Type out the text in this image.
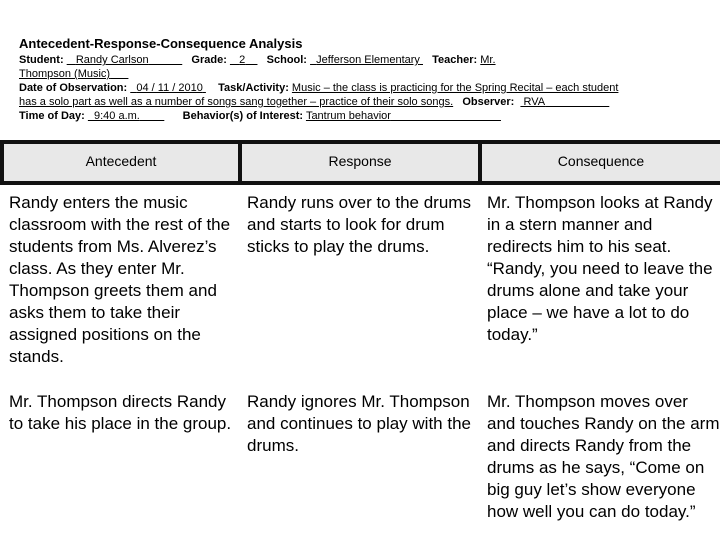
Antecedent-Response-Consequence Analysis
Student: Randy Carlson	Grade: 2 School: Jefferson Elementary Teacher: Mr.
Thompson (Music)
Date of Observation: 04 / 11 / 2010 Task/Activity: Music – the class is practicing for the Spring Recital – each student
has a solo part as well as a number of songs sang together – practice of their solo songs. Observer: RVA
Time of Day: 9:40 a.m.	Behavior(s) of Interest: Tantrum behavior
Antecedent	Response	Consequence
Randy enters the music classroom with the rest of the students from Ms. Alverez’s class. As they enter Mr. Thompson greets them and asks them to take their assigned positions on the stands.	Randy runs over to the drums and starts to look for drum sticks to play the drums.	Mr. Thompson looks at Randy in a stern manner and redirects him to his seat. “Randy, you need to leave the drums alone and take your place – we have a lot to do today.”
Mr. Thompson directs Randy to take his place in the group.	Randy ignores Mr. Thompson and continues to play with the drums.	Mr. Thompson moves over and touches Randy on the arm and directs Randy from the drums as he says, “Come on big guy let’s show everyone how well you can do today.”
